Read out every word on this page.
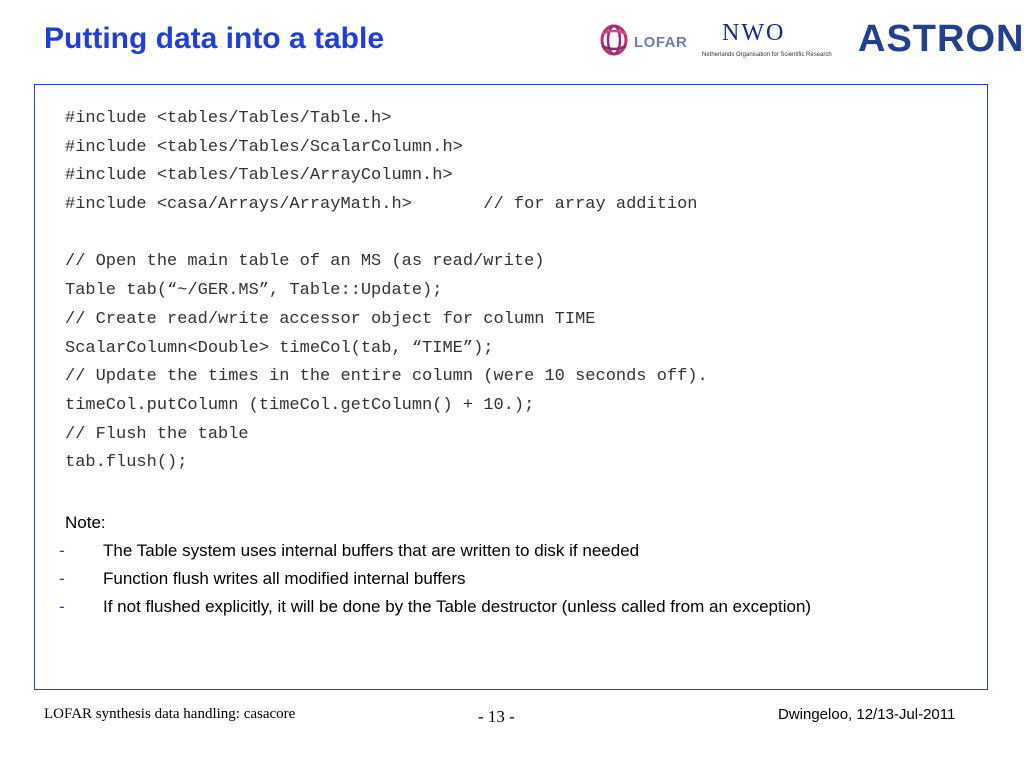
Putting data into a table	LOFAR NWO
Netherlands Organisation for Scientific Research ASTRON
#include <tables/Tables/Table.h>
#include <tables/Tables/ScalarColumn.h>
#include <tables/Tables/ArrayColumn.h>
#include <casa/Arrays/ArrayMath.h>       // for array addition
// Open the main table of an MS (as read/write)
Table tab(“~/GER.MS”, Table::Update);
// Create read/write accessor object for column TIME
ScalarColumn<Double> timeCol(tab, “TIME”);
// Update the times in the entire column (were 10 seconds off).
timeCol.putColumn (timeCol.getColumn() + 10.);
// Flush the table
tab.flush();
Note:
- The Table system uses internal buffers that are written to disk if needed
- Function flush writes all modified internal buffers
- If not flushed explicitly, it will be done by the Table destructor (unless called from an exception)
LOFAR synthesis data handling: casacore	- 13 -	Dwingeloo, 12/13-Jul-2011
